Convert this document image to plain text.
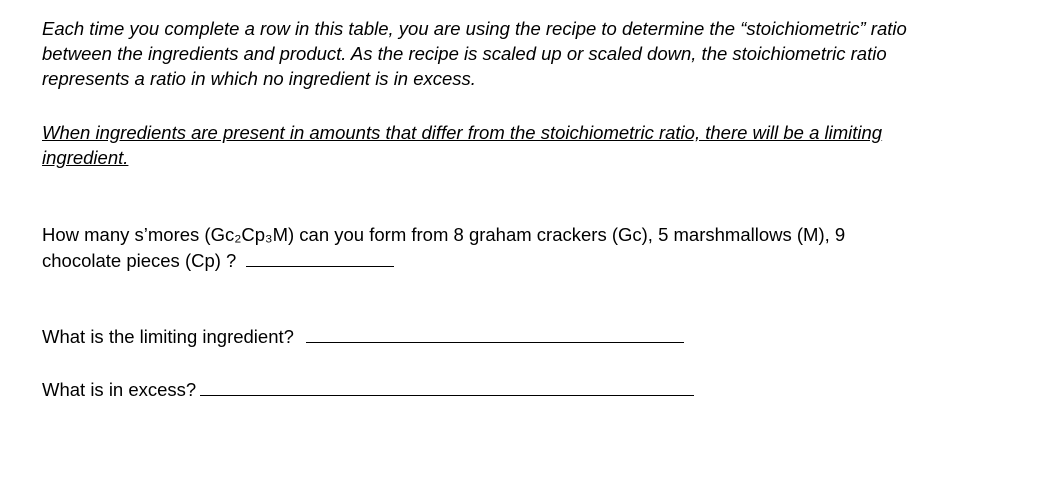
Each time you complete a row in this table, you are using the recipe to determine the “stoichiometric” ratio
between the ingredients and product. As the recipe is scaled up or scaled down, the stoichiometric ratio
represents a ratio in which no ingredient is in excess.

When ingredients are present in amounts that differ from the stoichiometric ratio, there will be a limiting
ingredient.

How many s’mores (Gc₂Cp₃M) can you form from 8 graham crackers (Gc), 5 marshmallows (M), 9
chocolate pieces (Cp) ?
What is the limiting ingredient?
What is in excess?
